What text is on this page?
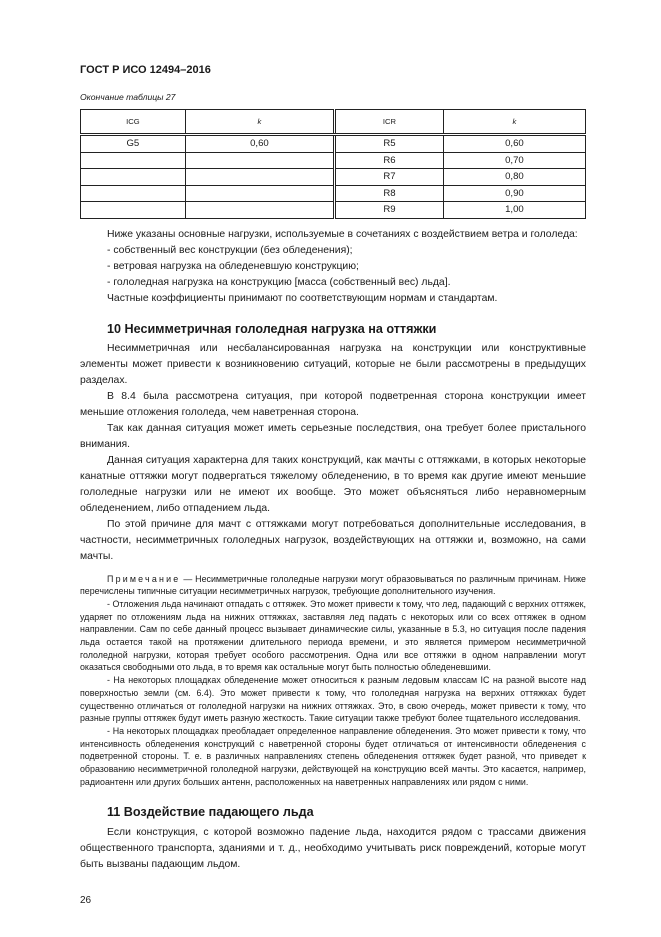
ГОСТ Р ИСО 12494–2016
Окончание таблицы 27
ICG	k	ICR	k
G5	0,60	R5	0,60
		R6	0,70
		R7	0,80
		R8	0,90
		R9	1,00

Ниже указаны основные нагрузки, используемые в сочетаниях с воздействием ветра и гололеда:

- собственный вес конструкции (без обледенения);

- ветровая нагрузка на обледеневшую конструкцию;

- гололедная нагрузка на конструкцию [масса (собственный вес) льда].

Частные коэффициенты принимают по соответствующим нормам и стандартам.

10 Несимметричная гололедная нагрузка на оттяжки

Несимметричная или несбалансированная нагрузка на конструкции или конструктивные элементы может привести к возникновению ситуаций, которые не были рассмотрены в предыдущих разделах.

В 8.4 была рассмотрена ситуация, при которой подветренная сторона конструкции имеет меньшие отложения гололеда, чем наветренная сторона.

Так как данная ситуация может иметь серьезные последствия, она требует более пристального внимания.

Данная ситуация характерна для таких конструкций, как мачты с оттяжками, в которых некоторые канатные оттяжки могут подвергаться тяжелому обледенению, в то время как другие имеют меньшие гололедные нагрузки или не имеют их вообще. Это может объясняться либо неравномерным обледенением, либо отпадением льда.

По этой причине для мачт с оттяжками могут потребоваться дополнительные исследования, в частности, несимметричных гололедных нагрузок, воздействующих на оттяжки и, возможно, на сами мачты.

Примечание — Несимметричные гололедные нагрузки могут образовываться по различным причинам. Ниже перечислены типичные ситуации несимметричных нагрузок, требующие дополнительного изучения.

- Отложения льда начинают отпадать с оттяжек. Это может привести к тому, что лед, падающий с верхних оттяжек, ударяет по отложениям льда на нижних оттяжках, заставляя лед падать с некоторых или со всех оттяжек в одном направлении. Сам по себе данный процесс вызывает динамические силы, указанные в 5.3, но ситуация после падения льда остается такой на протяжении длительного периода времени, и это является примером несимметричной гололедной нагрузки, которая требует особого рассмотрения. Одна или все оттяжки в одном направлении могут оказаться свободными ото льда, в то время как остальные могут быть полностью обледеневшими.

- На некоторых площадках обледенение может относиться к разным ледовым классам IC на разной высоте над поверхностью земли (см. 6.4). Это может привести к тому, что гололедная нагрузка на верхних оттяжках будет существенно отличаться от гололедной нагрузки на нижних оттяжках. Это, в свою очередь, может привести к тому, что разные группы оттяжек будут иметь разную жесткость. Такие ситуации также требуют более тщательного исследования.

- На некоторых площадках преобладает определенное направление обледенения. Это может привести к тому, что интенсивность обледенения конструкций с наветренной стороны будет отличаться от интенсивности обледенения с подветренной стороны. Т. е. в различных направлениях степень обледенения оттяжек будет разной, что приведет к образованию несимметричной гололедной нагрузки, действующей на конструкцию всей мачты. Это касается, например, радиоантенн или других больших антенн, расположенных на наветренных направлениях или рядом с ними.

11 Воздействие падающего льда

Если конструкция, с которой возможно падение льда, находится рядом с трассами движения общественного транспорта, зданиями и т. д., необходимо учитывать риск повреждений, которые могут быть вызваны падающим льдом.

26
